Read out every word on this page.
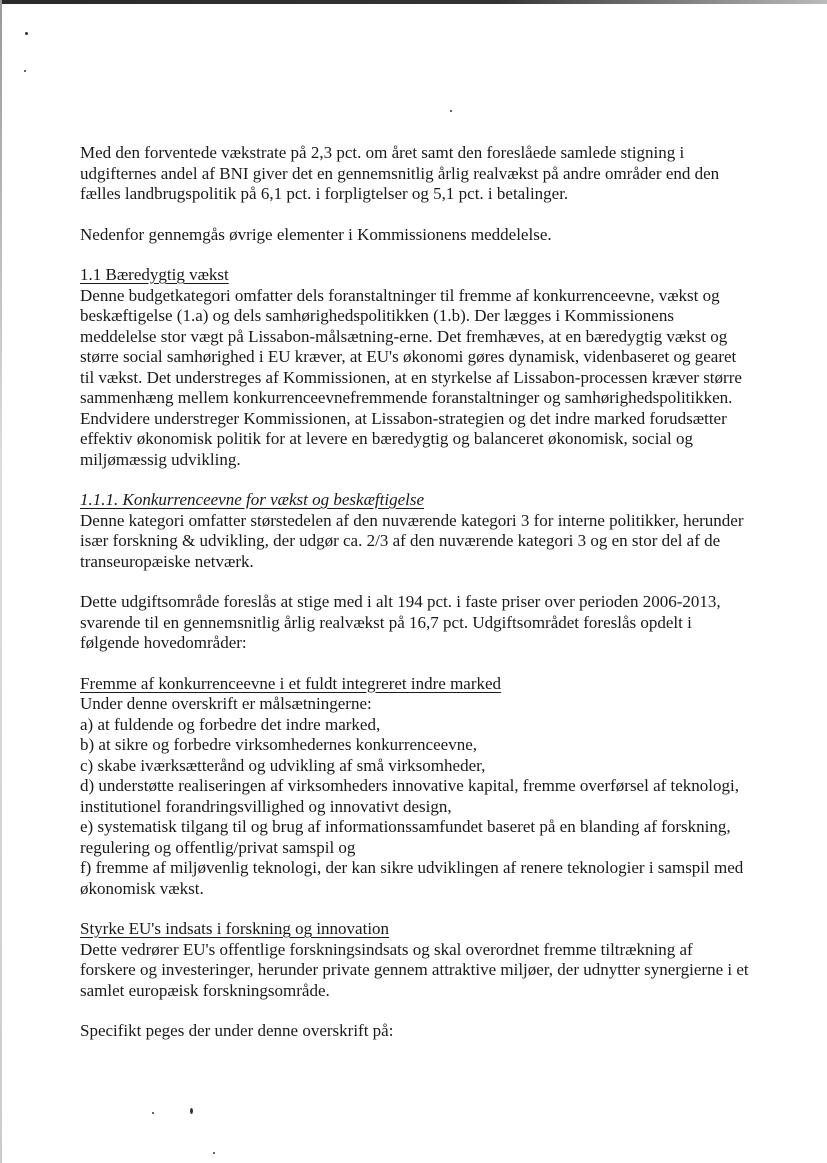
Med den forventede vækstrate på 2,3 pct. om året samt den foreslåede samlede stigning i udgifternes andel af BNI giver det en gennemsnitlig årlig realvækst på andre områder end den fælles landbrugspolitik på 6,1 pct. i forpligtelser og 5,1 pct. i betalinger.

Nedenfor gennemgås øvrige elementer i Kommissionens meddelelse.

1.1 Bæredygtig vækst

Denne budgetkategori omfatter dels foranstaltninger til fremme af konkurrenceevne, vækst og beskæftigelse (1.a) og dels samhørighedspolitikken (1.b). Der lægges i Kommissionens meddelelse stor vægt på Lissabon-målsætning-erne. Det fremhæves, at en bæredygtig vækst og større social samhørighed i EU kræver, at EU's økonomi gøres dynamisk, videnbaseret og gearet til vækst. Det understreges af Kommissionen, at en styrkelse af Lissabon-processen kræver større sammenhæng mellem konkurrenceevnefremmende foranstaltninger og samhørighedspolitikken. Endvidere understreger Kommissionen, at Lissabon-strategien og det indre marked forudsætter effektiv økonomisk politik for at levere en bæredygtig og balanceret økonomisk, social og miljømæssig udvikling.

1.1.1. Konkurrenceevne for vækst og beskæftigelse

Denne kategori omfatter størstedelen af den nuværende kategori 3 for interne politikker, herunder især forskning & udvikling, der udgør ca. 2/3 af den nuværende kategori 3 og en stor del af de transeuropæiske netværk.

Dette udgiftsområde foreslås at stige med i alt 194 pct. i faste priser over perioden 2006-2013, svarende til en gennemsnitlig årlig realvækst på 16,7 pct. Udgiftsområdet foreslås opdelt i følgende hovedområder:

Fremme af konkurrenceevne i et fuldt integreret indre marked

Under denne overskrift er målsætningerne:

a) at fuldende og forbedre det indre marked,

b) at sikre og forbedre virksomhedernes konkurrenceevne,

c) skabe iværksætterånd og udvikling af små virksomheder,

d) understøtte realiseringen af virksomheders innovative kapital, fremme overførsel af teknologi, institutionel forandringsvillighed og innovativt design,

e) systematisk tilgang til og brug af informationssamfundet baseret på en blanding af forskning, regulering og offentlig/privat samspil og

f) fremme af miljøvenlig teknologi, der kan sikre udviklingen af renere teknologier i samspil med økonomisk vækst.

Styrke EU's indsats i forskning og innovation

Dette vedrører EU's offentlige forskningsindsats og skal overordnet fremme tiltrækning af forskere og investeringer, herunder private gennem attraktive miljøer, der udnytter synergierne i et samlet europæisk forskningsområde.

Specifikt peges der under denne overskrift på:
